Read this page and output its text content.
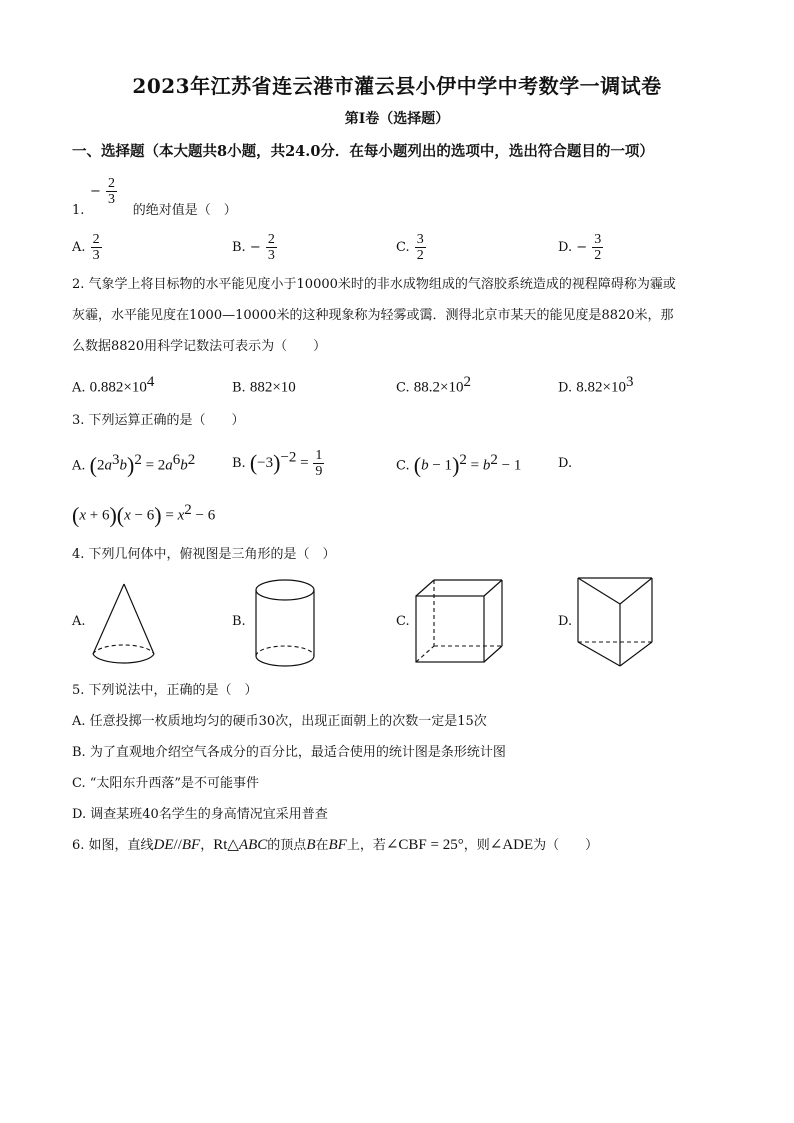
2023年江苏省连云港市灌云县小伊中学中考数学一调试卷
第I卷（选择题）
一、选择题（本大题共8小题，共24.0分．在每小题列出的选项中，选出符合题目的一项）
− $\frac{2}{3}$
1.	的绝对值是（　）
A. $\frac{2}{3}$	B. − $\frac{2}{3}$	C. $\frac{3}{2}$	D. − $\frac{3}{2}$
2. 气象学上将目标物的水平能见度小于10000米时的非水成物组成的气溶胶系统造成的视程障碍称为霾或
灰霾，水平能见度在1000—10000米的这种现象称为轻雾或霭．测得北京市某天的能见度是8820米，那
么数据8820用科学记数法可表示为（　　）
A. $0.882\times 10^4$	B. 882×10	C. $88.2\times 10^2$	D. $8.82\times 10^3$
3. 下列运算正确的是（　　）
A. $(2a^3b)^2 = 2a^6b^2$	B. $(-3)^{-2} = \frac{1}{9}$	C. $(b - 1)^2 = b^2 - 1$	D.
$(x + 6)(x - 6) = x^2 - 6$
4. 下列几何体中，俯视图是三角形的是（　）
A.	B.	C.	D.
5. 下列说法中，正确的是（　）
A. 任意投掷一枚质地均匀的硬币30次，出现正面朝上的次数一定是15次
B. 为了直观地介绍空气各成分的百分比，最适合使用的统计图是条形统计图
C. “太阳东升西落”是不可能事件
D. 调查某班40名学生的身高情况宜采用普查
6. 如图，直线DE//BF，Rt△ABC的顶点B在BF上，若∠CBF = 25°，则∠ADE为（　　）
